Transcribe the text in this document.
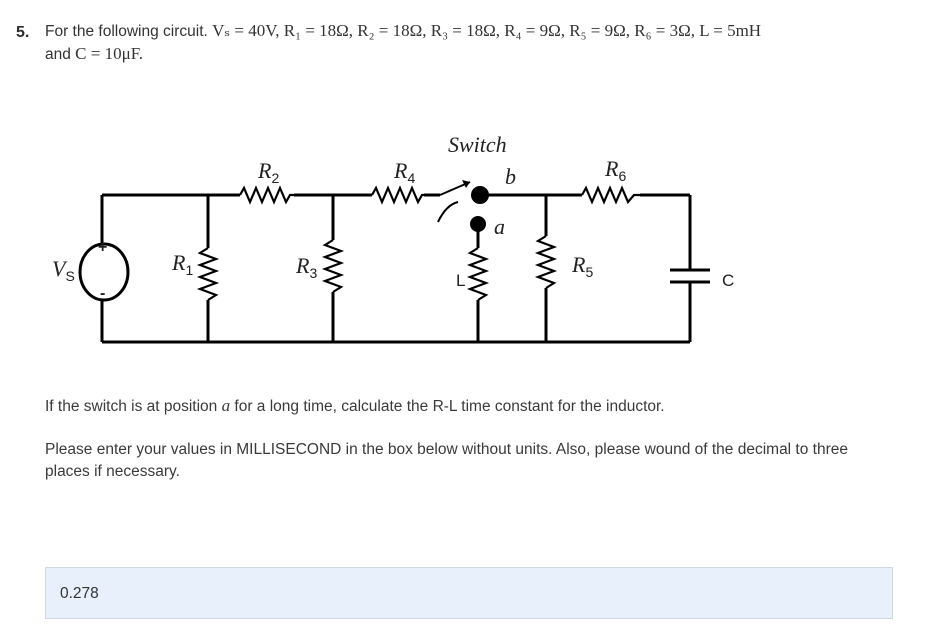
5. For the following circuit. Vₛ = 40V, R₁ = 18Ω, R₂ = 18Ω, R₃ = 18Ω, R₄ = 9Ω, R₅ = 9Ω, R₆ = 3Ω, L = 5mH
and C = 10μF.
+
-
$V_S$
$R_1$
$R_2$
$R_3$
$R_4$
Switch
b
a
L
$R_5$
$R_6$
C
If the switch is at position a for a long time, calculate the R-L time constant for the inductor.
Please enter your values in MILLISECOND in the box below without units. Also, please wound of the decimal to three places if necessary.
0.278
